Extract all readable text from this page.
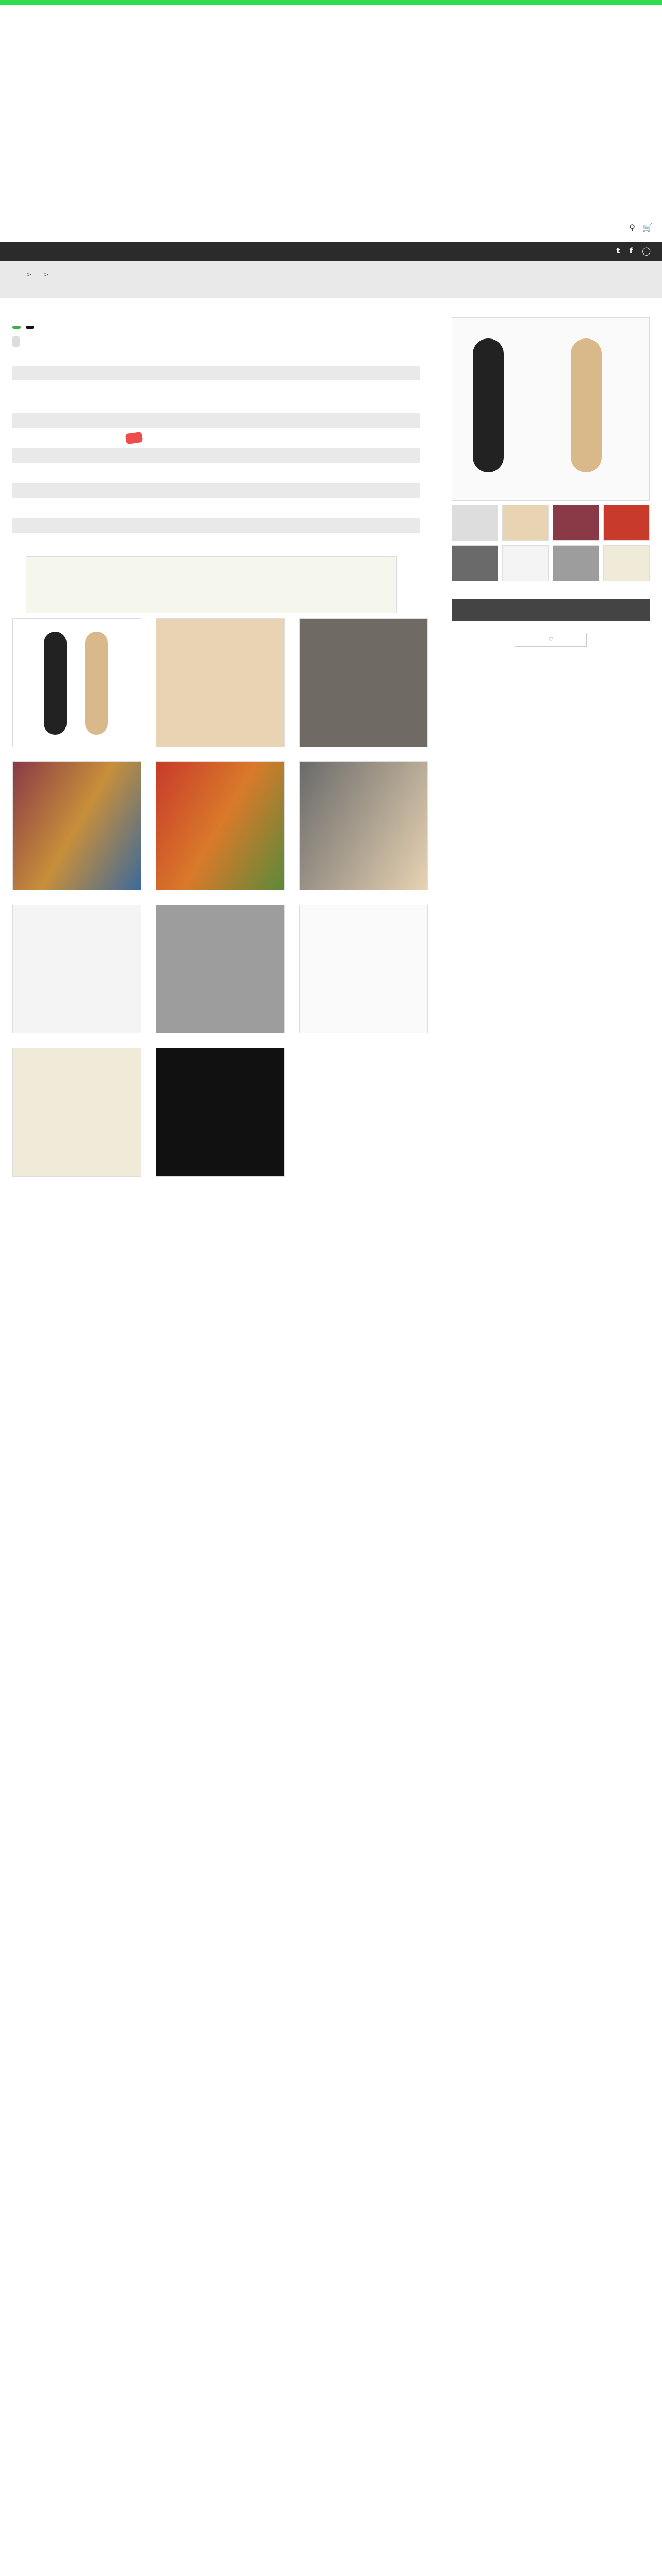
⚲ 🛒
t f ◯
> >
♡
